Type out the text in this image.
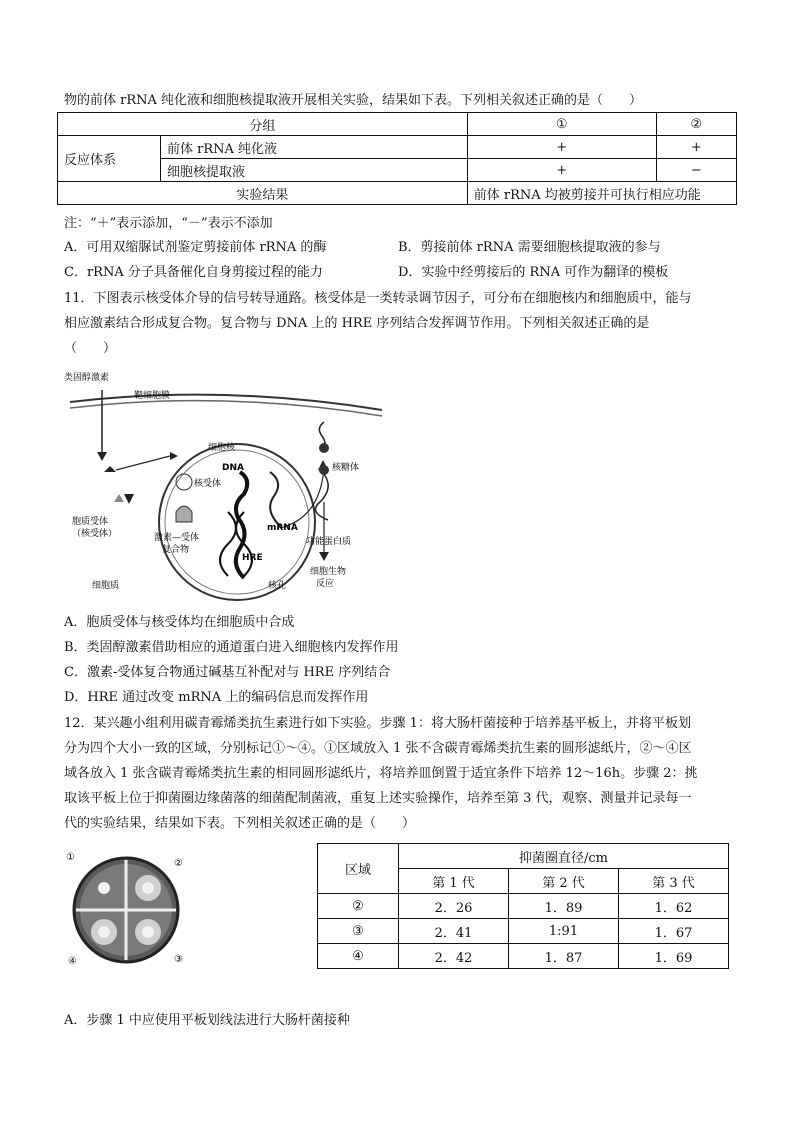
物的前体 rRNA 纯化液和细胞核提取液开展相关实验，结果如下表。下列相关叙述正确的是（　　）
分组		①	②
反应体系	前体 rRNA 纯化液	+	+
	细胞核提取液	+	−
实验结果		前体 rRNA 均被剪接并可执行相应功能	
注：“＋”表示添加，“－”表示不添加
A．可用双缩脲试剂鉴定剪接前体 rRNA 的酶	B．剪接前体 rRNA 需要细胞核提取液的参与
C．rRNA 分子具备催化自身剪接过程的能力	D．实验中经剪接后的 RNA 可作为翻译的模板
11．下图表示核受体介导的信号转导通路。核受体是一类转录调节因子，可分布在细胞核内和细胞质中，能与
相应激素结合形成复合物。复合物与 DNA 上的 HRE 序列结合发挥调节作用。下列相关叙述正确的是
（　　）
类固醇激素
靶细胞膜
细胞核
DNA
核受体
核糖体
胞质受体
（核受体）	激素—受体
复合物
mRNA
HRE
功能蛋白质
细胞生物
反应
细胞质	核孔
A．胞质受体与核受体均在细胞质中合成
B．类固醇激素借助相应的通道蛋白进入细胞核内发挥作用
C．激素-受体复合物通过碱基互补配对与 HRE 序列结合
D．HRE 通过改变 mRNA 上的编码信息而发挥作用
12．某兴趣小组利用碳青霉烯类抗生素进行如下实验。步骤 1：将大肠杆菌接种于培养基平板上，并将平板划
分为四个大小一致的区域，分别标记①～④。①区域放入 1 张不含碳青霉烯类抗生素的圆形滤纸片，②～④区
域各放入 1 张含碳青霉烯类抗生素的相同圆形滤纸片，将培养皿倒置于适宜条件下培养 12～16h。步骤 2：挑
取该平板上位于抑菌圈边缘菌落的细菌配制菌液，重复上述实验操作，培养至第 3 代，观察、测量并记录每一
代的实验结果，结果如下表。下列相关叙述正确的是（　　）
①
②
④	③
区域	抑菌圈直径/cm		
	第 1 代	第 2 代	第 3 代
②	2．26	1．89	1．62
③	2．41	1:91	1．67
④	2．42	1．87	1．69
A．步骤 1 中应使用平板划线法进行大肠杆菌接种
